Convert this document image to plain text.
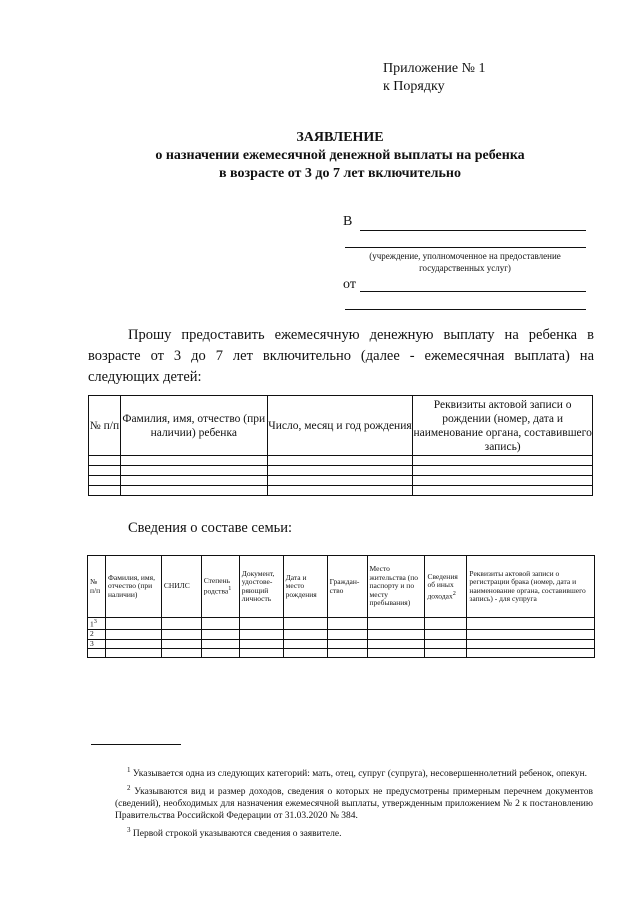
Приложение № 1
к Порядку
ЗАЯВЛЕНИЕ
о назначении ежемесячной денежной выплаты на ребенка
в возрасте от 3 до 7 лет включительно
В
(учреждение, уполномоченное на предоставление государственных услуг)
от
Прошу предоставить ежемесячную денежную выплату на ребенка в возрасте от 3 до 7 лет включительно (далее - ежемесячная выплата) на следующих детей:
№ п/п	Фамилия, имя, отчество (при наличии) ребенка	Число, месяц и год рождения	Реквизиты актовой записи о рождении (номер, дата и наименование органа, составившего запись)

Сведения о составе семьи:
№ п/п	Фамилия, имя, отчество (при наличии)	СНИЛС	Степень родства$^1$	Документ, удостове-ряющий личность	Дата и место рождения	Граждан-ство	Место жительства (по паспорту и по месту пребывания)	Сведения об иных доходах$^2$	Реквизиты актовой записи о регистрации брака (номер, дата и наименование органа, составившего запись) - для супруга
$1^3$									
2									
3									

$^1$ Указывается одна из следующих категорий: мать, отец, супруг (супруга), несовершеннолетний ребенок, опекун.

$^2$ Указываются вид и размер доходов, сведения о которых не предусмотрены примерным перечнем документов (сведений), необходимых для назначения ежемесячной выплаты, утвержденным приложением № 2 к постановлению Правительства Российской Федерации от 31.03.2020 № 384.

$^3$ Первой строкой указываются сведения о заявителе.
